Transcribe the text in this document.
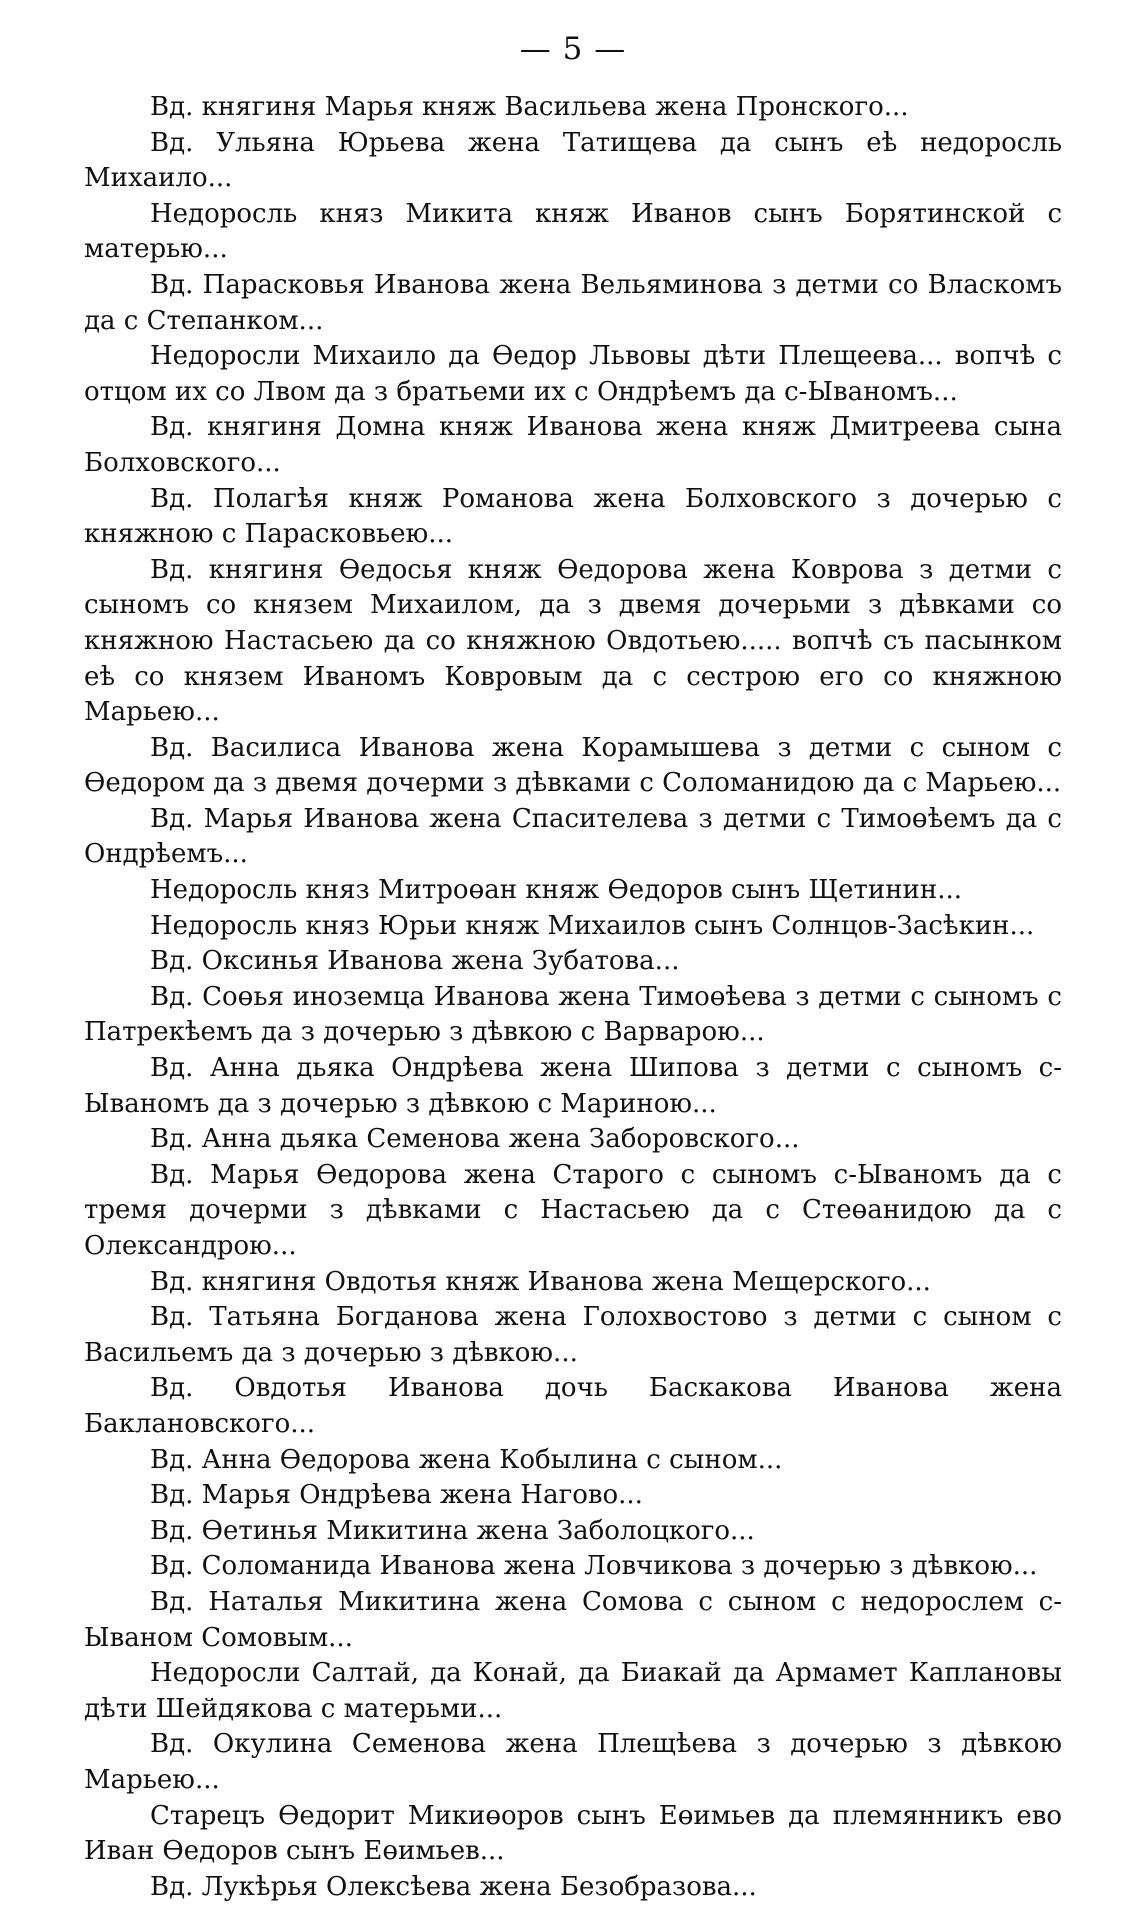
— 5 —

Вд. княгиня Марья княж Васильева жена Пронского...

Вд. Ульяна Юрьева жена Татищева да сынъ еѣ недоросль Михаило...

Недоросль княз Микита княж Иванов сынъ Борятинской с матерью...

Вд. Парасковья Иванова жена Вельяминова з детми со Власкомъ да с Степанком...

Недоросли Михаило да Өедор Львовы дѣти Плещеева... вопчѣ с отцом их со Лвом да з братьеми их с Ондрѣемъ да с-Ываномъ...

Вд. княгиня Домна княж Иванова жена княж Дмитреева сына Болховского...

Вд. Полагѣя княж Романова жена Болховского з дочерью с княжною с Парасковьею...

Вд. княгиня Өедосья княж Өедорова жена Коврова з детми с сыномъ со князем Михаилом, да з двемя дочерьми з дѣвками со княжною Настасьею да со княжною Овдотьею..... вопчѣ съ пасынком еѣ со князем Иваномъ Ковровым да с сестрою его со княжною Марьею...

Вд. Василиса Иванова жена Корамышева з детми с сыном с Өедором да з двемя дочерми з дѣвками с Соломанидою да с Марьею...

Вд. Марья Иванова жена Спасителева з детми с Тимоөѣемъ да с Ондрѣемъ...

Недоросль княз Митроөан княж Өедоров сынъ Щетинин...

Недоросль княз Юрьи княж Михаилов сынъ Солнцов-Засѣкин...

Вд. Оксинья Иванова жена Зубатова...

Вд. Соөья иноземца Иванова жена Тимоөѣева з детми с сыномъ с Патрекѣемъ да з дочерью з дѣвкою с Варварою...

Вд. Анна дьяка Ондрѣева жена Шипова з детми с сыномъ с-Ываномъ да з дочерью з дѣвкою с Мариною...

Вд. Анна дьяка Семенова жена Заборовского...

Вд. Марья Өедорова жена Старого с сыномъ с-Ываномъ да с тремя дочерми з дѣвками с Настасьею да с Стеөанидою да с Олександрою...

Вд. княгиня Овдотья княж Иванова жена Мещерского...

Вд. Татьяна Богданова жена Голохвостово з детми с сыном с Васильемъ да з дочерью з дѣвкою...

Вд. Овдотья Иванова дочь Баскакова Иванова жена Баклановского...

Вд. Анна Өедорова жена Кобылина с сыном...

Вд. Марья Ондрѣева жена Нагово...

Вд. Өетинья Микитина жена Заболоцкого...

Вд. Соломанида Иванова жена Ловчикова з дочерью з дѣвкою...

Вд. Наталья Микитина жена Сомова с сыном с недорослем с-Ываном Сомовым...

Недоросли Салтай, да Конай, да Биакай да Армамет Каплановы дѣти Шейдякова с матерьми...

Вд. Окулина Семенова жена Плещѣева з дочерью з дѣвкою Марьею...

Старецъ Өедорит Микиөоров сынъ Еөимьев да племянникъ ево Иван Өедоров сынъ Еөимьев...

Вд. Лукѣрья Олексѣева жена Безобразова...
